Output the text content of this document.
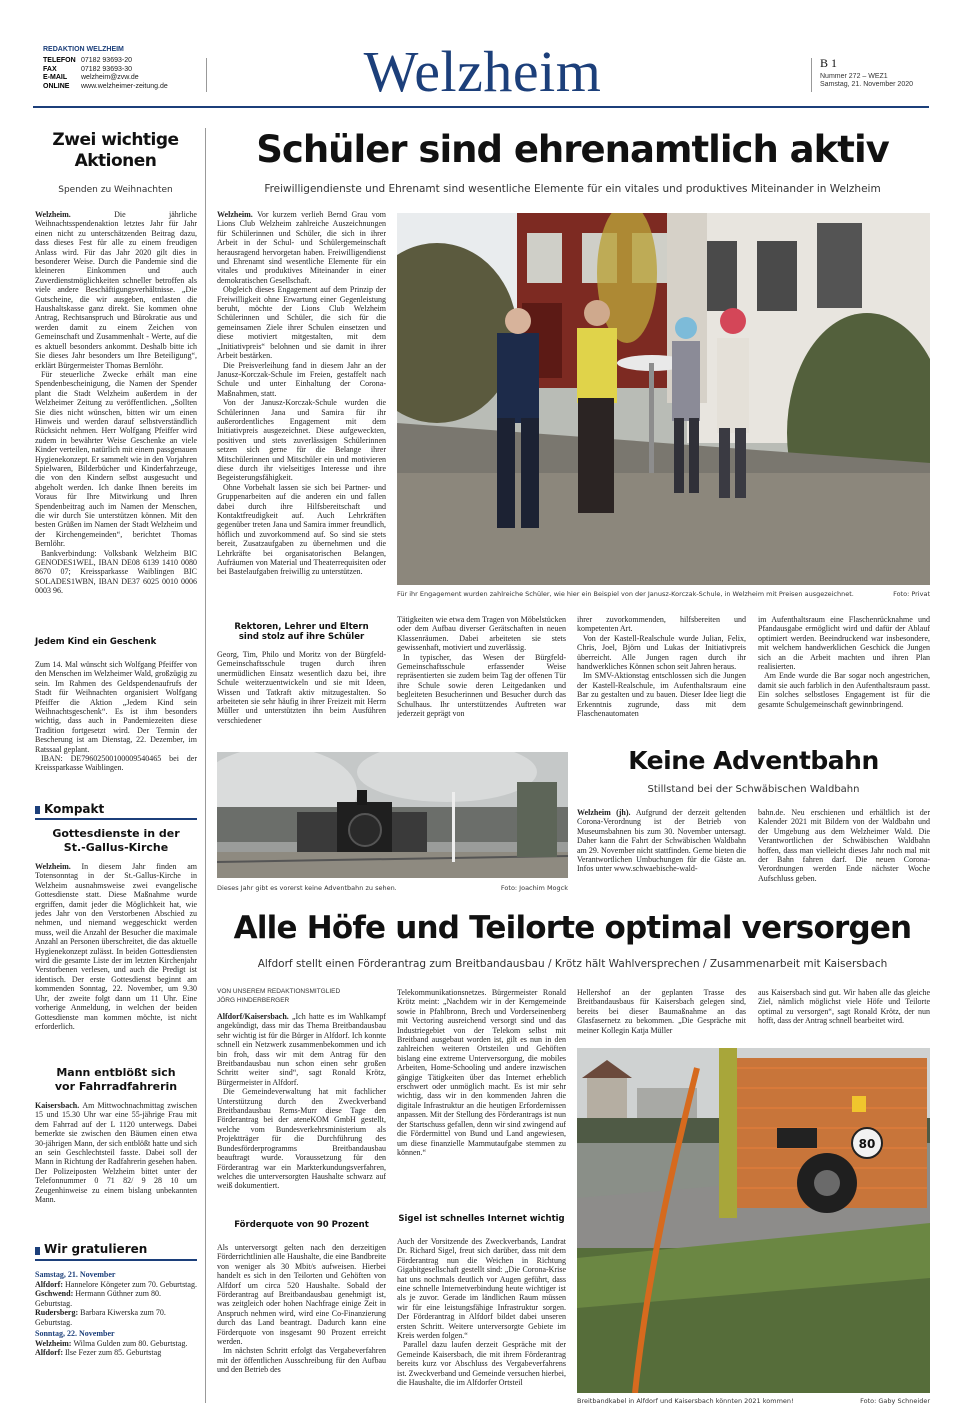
REDAKTION WELZHEIM
TELEFON 07182 93693-20
FAX	07182 93693-30
E-MAIL welzheim@zvw.de
ONLINE www.welzheimer-zeitung.de	Welzheim	B 1
Nummer 272 – WEZ1
Samstag, 21. November 2020
Zwei wichtige
Aktionen
Spenden zu Weihnachten

Welzheim. Die jährliche Weihnachtsspendenaktion letztes Jahr für Jahr einen nicht zu unterschätzenden Beitrag dazu, dass dieses Fest für alle zu einem freudigen Anlass wird. Für das Jahr 2020 gilt dies in besonderer Weise. Durch die Pandemie sind die kleineren Einkommen und auch Zuverdienstmöglichkeiten schneller betroffen als viele andere Beschäftigungsverhältnisse. „Die Gutscheine, die wir ausgeben, entlasten die Haushaltskasse ganz direkt. Sie kommen ohne Antrag, Rechtsanspruch und Bürokratie aus und werden damit zu einem Zeichen von Gemeinschaft und Zusammenhalt - Werte, auf die es aktuell besonders ankommt. Deshalb bitte ich Sie dieses Jahr besonders um Ihre Beteiligung“, erklärt Bürgermeister Thomas Bernlöhr.

Für steuerliche Zwecke erhält man eine Spendenbescheinigung, die Namen der Spender plant die Stadt Welzheim außerdem in der Welzheimer Zeitung zu veröffentlichen. „Sollten Sie dies nicht wünschen, bitten wir um einen Hinweis und werden darauf selbstverständlich Rücksicht nehmen. Herr Wolfgang Pfeiffer wird zudem in bewährter Weise Geschenke an viele Kinder verteilen, natürlich mit einem passgenauen Hygienekonzept. Er sammelt wie in den Vorjahren Spielwaren, Bilderbücher und Kinderfahrzeuge, die von den Kindern selbst ausgesucht und abgeholt werden. Ich danke Ihnen bereits im Voraus für Ihre Mitwirkung und Ihren Spendenbeitrag auch im Namen der Menschen, die wir durch Sie unterstützen können. Mit den besten Grüßen im Namen der Stadt Welzheim und der Kirchengemeinden“, berichtet Thomas Bernlöhr.

Bankverbindung: Volksbank Welzheim BIC GENODES1WEL, IBAN DE08 6139 1410 0080 8670 07; Kreissparkasse Waiblingen BIC SOLADES1WBN, IBAN DE37 6025 0010 0006 0003 96.

Jedem Kind ein Geschenk

Zum 14. Mal wünscht sich Wolfgang Pfeiffer von den Menschen im Welzheimer Wald, großzügig zu sein. Im Rahmen des Geldspendenaufrufs der Stadt für Weihnachten organisiert Wolfgang Pfeiffer die Aktion „Jedem Kind sein Weihnachtsgeschenk“. Es ist ihm besonders wichtig, dass auch in Pandemiezeiten diese Tradition fortgesetzt wird. Der Termin der Bescherung ist am Dienstag, 22. Dezember, im Ratssaal geplant.

IBAN: DE79602500100009540465 bei der Kreissparkasse Waiblingen.

Kompakt
Gottesdienste in der
St.-Gallus-Kirche

Welzheim. In diesem Jahr finden am Totensonntag in der St.-Gallus-Kirche in Welzheim ausnahmsweise zwei evangelische Gottesdienste statt. Diese Maßnahme wurde ergriffen, damit jeder die Möglichkeit hat, wie jedes Jahr von den Verstorbenen Abschied zu nehmen, und niemand weggeschickt werden muss, weil die Anzahl der Besucher die maximale Anzahl an Personen überschreitet, die das aktuelle Hygienekonzept zulässt. In beiden Gottesdiensten wird die gesamte Liste der im letzten Kirchenjahr Verstorbenen verlesen, und auch die Predigt ist identisch. Der erste Gottesdienst beginnt am kommenden Sonntag, 22. November, um 9.30 Uhr, der zweite folgt dann um 11 Uhr. Eine vorherige Anmeldung, in welchen der beiden Gottesdienste man kommen möchte, ist nicht erforderlich.

Mann entblößt sich
vor Fahrradfahrerin

Kaisersbach. Am Mittwochnachmittag zwischen 15 und 15.30 Uhr war eine 55-jährige Frau mit dem Fahrrad auf der L 1120 unterwegs. Dabei bemerkte sie zwischen den Bäumen einen etwa 30-jährigen Mann, der sich entblößt hatte und sich an sein Geschlechtsteil fasste. Dabei soll der Mann in Richtung der Radfahrerin gesehen haben. Der Polizeiposten Welzheim bittet unter der Telefonnummer 0 71 82/ 9 28 10 um Zeugenhinweise zu einem bislang unbekannten Mann.

Wir gratulieren
Samstag, 21. November
Alfdorf: Hannelore Köngeter zum 70. Geburtstag.
Gschwend: Hermann Güthner zum 80. Geburtstag.
Rudersberg: Barbara Kiwerska zum 70. Geburtstag.
Sonntag, 22. November
Welzheim: Wilma Gulden zum 80. Geburtstag.
Alfdorf: Ilse Fezer zum 85. Geburtstag
Schüler sind ehrenamtlich aktiv
Freiwilligendienste und Ehrenamt sind wesentliche Elemente für ein vitales und produktives Miteinander in Welzheim

Welzheim. Vor kurzem verlieh Bernd Grau vom Lions Club Welzheim zahlreiche Auszeichnungen für Schülerinnen und Schüler, die sich in ihrer Arbeit in der Schul- und Schülergemeinschaft herausragend hervorgetan haben. Freiwilligendienst und Ehrenamt sind wesentliche Elemente für ein vitales und produktives Miteinander in einer demokratischen Gesellschaft.

Obgleich dieses Engagement auf dem Prinzip der Freiwilligkeit ohne Erwartung einer Gegenleistung beruht, möchte der Lions Club Welzheim Schülerinnen und Schüler, die sich für die gemeinsamen Ziele ihrer Schulen einsetzen und diese motiviert mitgestalten, mit dem „Initiativpreis“ belohnen und sie damit in ihrer Arbeit bestärken.

Die Preisverleihung fand in diesem Jahr an der Janusz-Korczak-Schule im Freien, gestaffelt nach Schule und unter Einhaltung der Corona-Maßnahmen, statt.

Von der Janusz-Korczak-Schule wurden die Schülerinnen Jana und Samira für ihr außerordentliches Engagement mit dem Initiativpreis ausgezeichnet. Diese aufgeweckten, positiven und stets zuverlässigen Schülerinnen setzen sich gerne für die Belange ihrer Mitschülerinnen und Mitschüler ein und motivieren diese durch ihr vielseitiges Interesse und ihre Begeisterungsfähigkeit.

Ohne Vorbehalt lassen sie sich bei Partner- und Gruppenarbeiten auf die anderen ein und fallen dabei durch ihre Hilfsbereitschaft und Kontaktfreudigkeit auf. Auch Lehrkräften gegenüber treten Jana und Samira immer freundlich, höflich und zuvorkommend auf. So sind sie stets bereit, Zusatzaufgaben zu übernehmen und die Lehrkräfte bei organisatorischen Belangen, Aufräumen von Material und Theaterrequisiten oder bei Bastelaufgaben freiwillig zu unterstützen.

Für ihr Engagement wurden zahlreiche Schüler, wie hier ein Beispiel von der Janusz-Korczak-Schule, in Welzheim mit Preisen ausgezeichnet.	Foto: Privat
Rektoren, Lehrer und Eltern
sind stolz auf ihre Schüler

Georg, Tim, Philo und Moritz von der Bürgfeld-Gemeinschaftsschule trugen durch ihren unermüdlichen Einsatz wesentlich dazu bei, ihre Schule weiterzuentwickeln und sie mit Ideen, Wissen und Tatkraft aktiv mitzugestalten. So arbeiteten sie sehr häufig in ihrer Freizeit mit Herrn Müller und unterstützten ihn beim Ausführen verschiedener

Tätigkeiten wie etwa dem Tragen von Möbelstücken oder dem Aufbau diverser Gerätschaften in neuen Klassenräumen. Dabei arbeiteten sie stets gewissenhaft, motiviert und zuverlässig.

In typischer, das Wesen der Bürgfeld-Gemeinschaftsschule erfassender Weise repräsentierten sie zudem beim Tag der offenen Tür ihre Schule sowie deren Leitgedanken und begleiteten Besucherinnen und Besucher durch das Schulhaus. Ihr unterstützendes Auftreten war jederzeit geprägt von

ihrer zuvorkommenden, hilfsbereiten und kompetenten Art.

Von der Kastell-Realschule wurde Julian, Felix, Chris, Joel, Björn und Lukas der Initiativpreis überreicht. Alle Jungen ragen durch ihr handwerkliches Können schon seit Jahren heraus.

Im SMV-Aktionstag entschlossen sich die Jungen der Kastell-Realschule, im Aufenthaltsraum eine Bar zu gestalten und zu bauen. Dieser Idee liegt die Erkenntnis zugrunde, dass mit dem Flaschenautomaten

im Aufenthaltsraum eine Flaschenrücknahme und Pfandausgabe ermöglicht wird und dafür der Ablauf optimiert werden. Beeindruckend war insbesondere, mit welchem handwerklichen Geschick die Jungen sich an die Arbeit machten und ihren Plan realisierten.

Am Ende wurde die Bar sogar noch angestrichen, damit sie auch farblich in den Aufenthaltsraum passt. Ein solches selbstloses Engagement ist für die gesamte Schulgemeinschaft gewinnbringend.

Dieses Jahr gibt es vorerst keine Adventbahn zu sehen.	Foto: Joachim Mogck
Keine Adventbahn
Stillstand bei der Schwäbischen Waldbahn

Welzheim (jh). Aufgrund der derzeit geltenden Corona-Verordnung ist der Betrieb von Museumsbahnen bis zum 30. November untersagt. Daher kann die Fahrt der Schwäbischen Waldbahn am 29. November nicht stattfinden. Gerne bieten die Verantwortlichen Umbuchungen für die Gäste an. Infos unter www.schwaebische-wald-

bahn.de. Neu erschienen und erhältlich ist der Kalender 2021 mit Bildern von der Waldbahn und der Umgebung aus dem Welzheimer Wald. Die Verantwortlichen der Schwäbischen Waldbahn hoffen, dass man vielleicht dieses Jahr noch mal mit der Bahn fahren darf. Die neuen Corona-Verordnungen werden Ende nächster Woche Aufschluss geben.

Alle Höfe und Teilorte optimal versorgen
Alfdorf stellt einen Förderantrag zum Breitbandausbau / Krötz hält Wahlversprechen / Zusammenarbeit mit Kaisersbach
VON UNSEREM REDAKTIONSMITGLIED
JÖRG HINDERBERGER

Alfdorf/Kaisersbach. „Ich hatte es im Wahlkampf angekündigt, dass mir das Thema Breitbandausbau sehr wichtig ist für die Bürger in Alfdorf. Ich konnte schnell ein Netzwerk zusammenbekommen und ich bin froh, dass wir mit dem Antrag für den Breitbandausbau nun schon einen sehr großen Schritt weiter sind“, sagt Ronald Krötz, Bürgermeister in Alfdorf.

Die Gemeindeverwaltung hat mit fachlicher Unterstützung durch den Zweckverband Breitbandausbau Rems-Murr diese Tage den Förderantrag bei der ateneKOM GmbH gestellt, welche vom Bundesverkehrsministerium als Projektträger für die Durchführung des Bundesförderprogramms Breitbandausbau beauftragt wurde. Voraussetzung für den Förderantrag war ein Markterkundungsverfahren, welches die unterversorgten Haushalte schwarz auf weiß dokumentiert.

Förderquote von 90 Prozent

Als unterversorgt gelten nach den derzeitigen Förderrichtlinien alle Haushalte, die eine Bandbreite von weniger als 30 Mbit/s aufweisen. Hierbei handelt es sich in den Teilorten und Gehöften von Alfdorf um circa 520 Haushalte. Sobald der Förderantrag auf Breitbandausbau genehmigt ist, was zeitgleich oder hohen Nachfrage einige Zeit in Anspruch nehmen wird, wird eine Co-Finanzierung durch das Land beantragt. Dadurch kann eine Förderquote von insgesamt 90 Prozent erreicht werden.

Im nächsten Schritt erfolgt das Vergabeverfahren mit der öffentlichen Ausschreibung für den Aufbau und den Betrieb des

Telekommunikationsnetzes. Bürgermeister Ronald Krötz meint: „Nachdem wir in der Kerngemeinde sowie in Pfahlbronn, Brech und Vorderseinenberg mit Vectoring ausreichend versorgt sind und das Industriegebiet von der Telekom selbst mit Breitband ausgebaut worden ist, gilt es nun in den zahlreichen weiteren Ortsteilen und Gehöften bislang eine extreme Unterversorgung, die mobiles Arbeiten, Home-Schooling und andere inzwischen gängige Tätigkeiten über das Internet erheblich erschwert oder unmöglich macht. Es ist mir sehr wichtig, dass wir in den kommenden Jahren die digitale Infrastruktur an die heutigen Erfordernissen anpassen. Mit der Stellung des Förderantrags ist nun der Startschuss gefallen, denn wir sind zwingend auf die Fördermittel von Bund und Land angewiesen, um diese finanzielle Mammutaufgabe stemmen zu können.“

Sigel ist schnelles Internet wichtig

Auch der Vorsitzende des Zweckverbands, Landrat Dr. Richard Sigel, freut sich darüber, dass mit dem Förderantrag nun die Weichen in Richtung Gigabitgesellschaft gestellt sind: „Die Corona-Krise hat uns nochmals deutlich vor Augen geführt, dass eine schnelle Internetverbindung heute wichtiger ist als je zuvor. Gerade im ländlichen Raum müssen wir für eine leistungsfähige Infrastruktur sorgen. Der Förderantrag in Alfdorf bildet dabei unseren ersten Schritt. Weitere unterversorgte Gebiete im Kreis werden folgen.“

Parallel dazu laufen derzeit Gespräche mit der Gemeinde Kaisersbach, die mit ihrem Förderantrag bereits kurz vor Abschluss des Vergabeverfahrens ist. Zweckverband und Gemeinde versuchen hierbei, die Haushalte, die im Alfdorfer Ortsteil

Hellershof an der geplanten Trasse des Breitbandausbaus für Kaisersbach gelegen sind, bereits bei dieser Baumaßnahme an das Glasfasernetz zu bekommen. „Die Gespräche mit meiner Kollegin Katja Müller

aus Kaisersbach sind gut. Wir haben alle das gleiche Ziel, nämlich möglichst viele Höfe und Teilorte optimal zu versorgen“, sagt Ronald Krötz, der nun hofft, dass der Antrag schnell bearbeitet wird.

80
Breitbandkabel in Alfdorf und Kaisersbach könnten 2021 kommen!	Foto: Gaby Schneider
